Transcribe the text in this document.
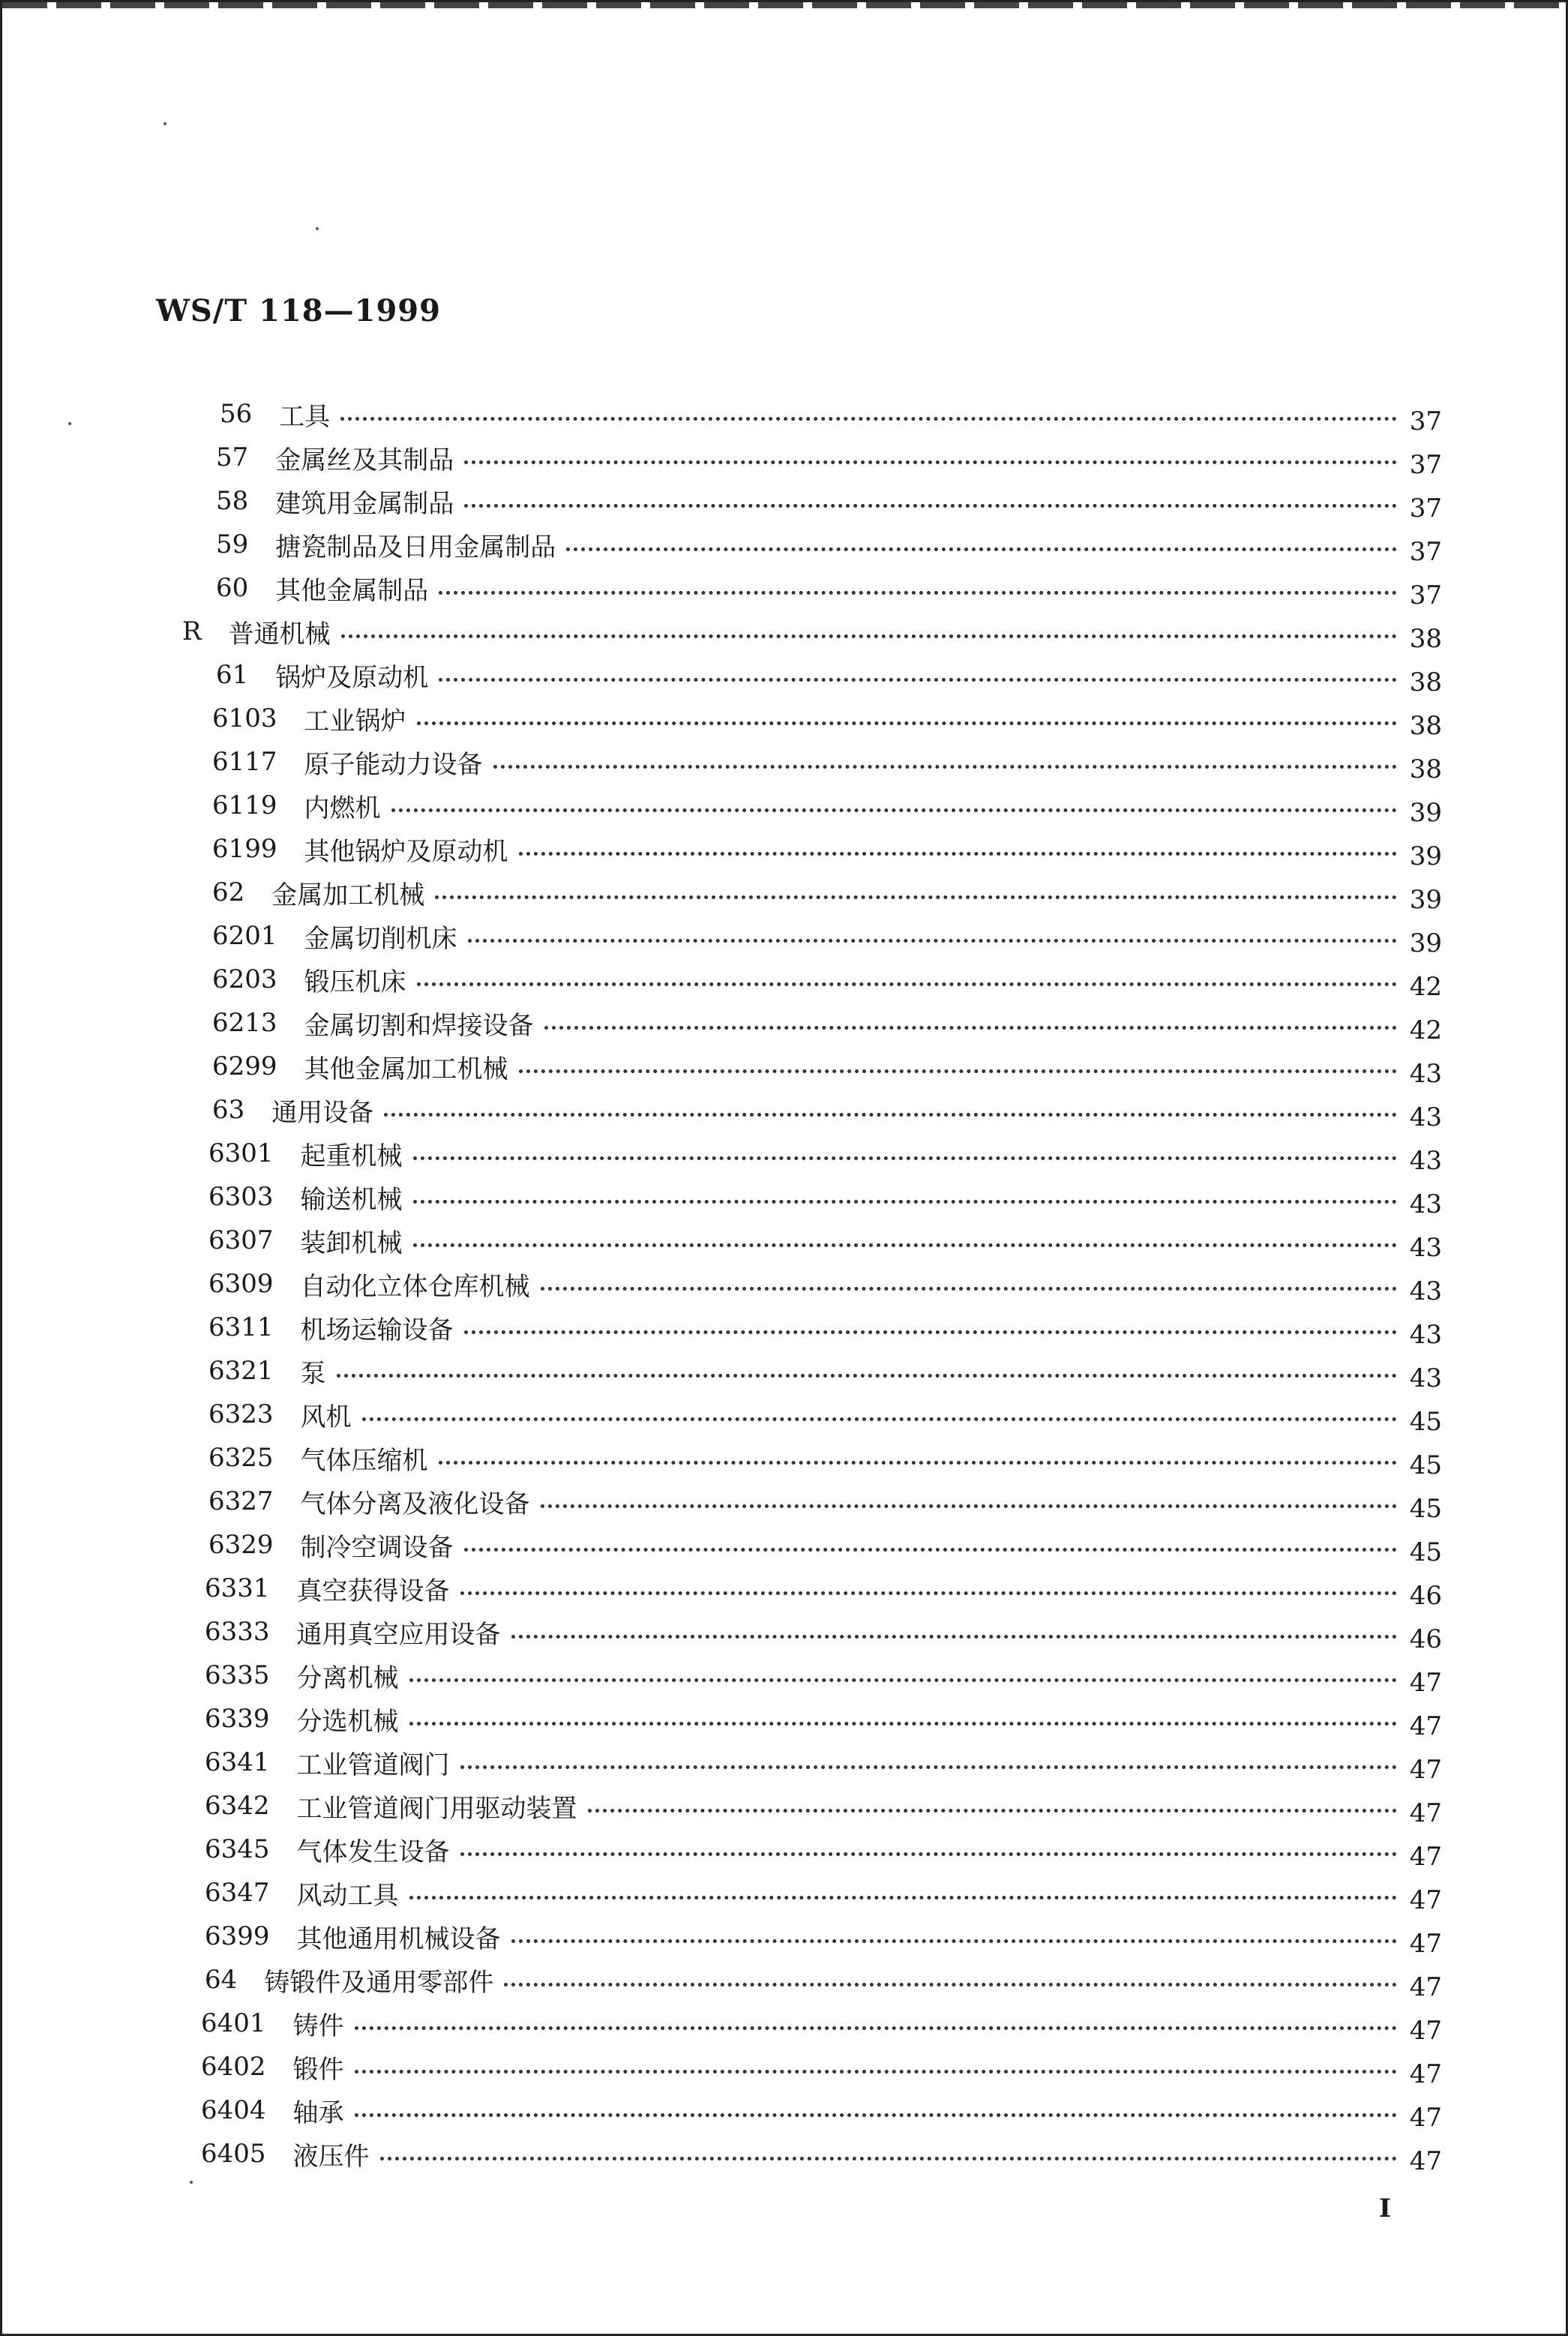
WS/T 118—1999
56 工具	37
57 金属丝及其制品	37
58 建筑用金属制品	37
59 搪瓷制品及日用金属制品	37
60 其他金属制品	37
R 普通机械	38
61 锅炉及原动机	38
6103 工业锅炉	38
6117 原子能动力设备	38
6119 内燃机	39
6199 其他锅炉及原动机	39
62 金属加工机械	39
6201 金属切削机床	39
6203 锻压机床	42
6213 金属切割和焊接设备	42
6299 其他金属加工机械	43
63 通用设备	43
6301 起重机械	43
6303 输送机械	43
6307 装卸机械	43
6309 自动化立体仓库机械	43
6311 机场运输设备	43
6321 泵	43
6323 风机	45
6325 气体压缩机	45
6327 气体分离及液化设备	45
6329 制冷空调设备	45
6331 真空获得设备	46
6333 通用真空应用设备	46
6335 分离机械	47
6339 分选机械	47
6341 工业管道阀门	47
6342 工业管道阀门用驱动装置	47
6345 气体发生设备	47
6347 风动工具	47
6399 其他通用机械设备	47
64 铸锻件及通用零部件	47
6401 铸件	47
6402 锻件	47
6404 轴承	47
6405 液压件	47
Ⅰ
